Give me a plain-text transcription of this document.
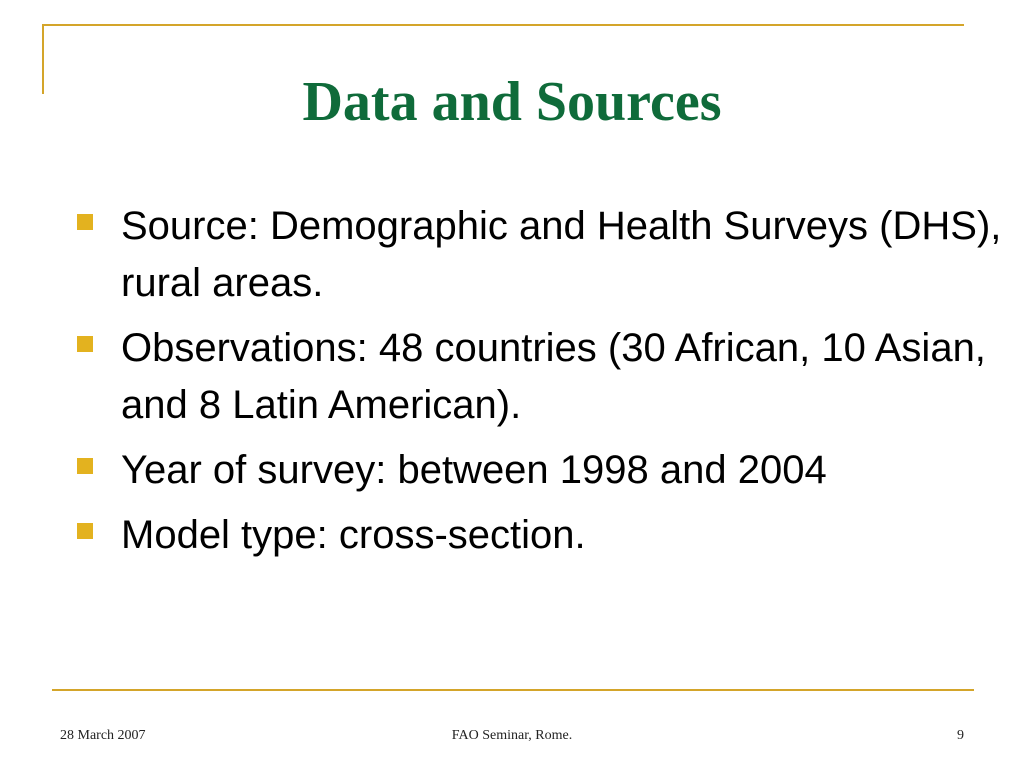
Data and Sources
Source: Demographic and Health Surveys (DHS), rural areas.
Observations: 48 countries (30 African, 10 Asian, and 8 Latin American).
Year of survey: between 1998 and 2004
Model type: cross-section.
28 March 2007	FAO Seminar, Rome.	9
